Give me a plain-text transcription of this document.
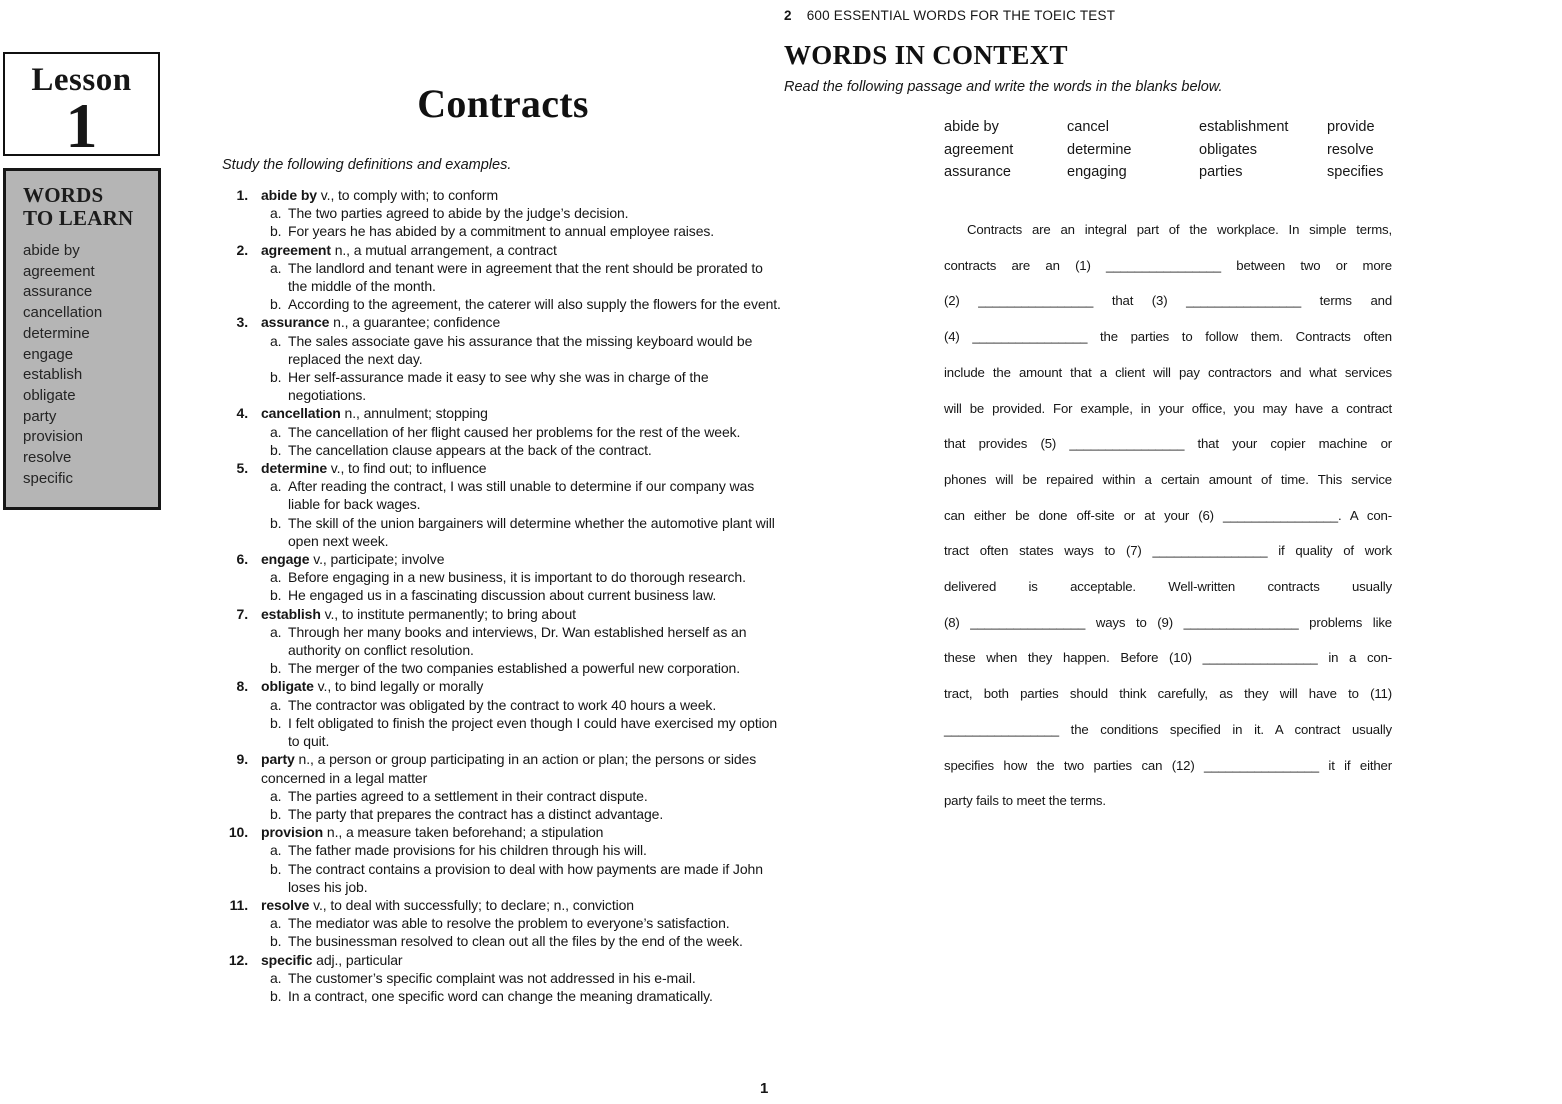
2 600 ESSENTIAL WORDS FOR THE TOEIC TEST
Lesson
1
WORDS
TO LEARN
abide by
agreement
assurance
cancellation
determine
engage
establish
obligate
party
provision
resolve
specific
Contracts

Study the following definitions and examples.

1. abide by v., to comply with; to conform
a. The two parties agreed to abide by the judge’s decision.
b. For years he has abided by a commitment to annual employee raises.
2. agreement n., a mutual arrangement, a contract
a. The landlord and tenant were in agreement that the rent should be prorated to the middle of the month.
b. According to the agreement, the caterer will also supply the flowers for the event.
3. assurance n., a guarantee; confidence
a. The sales associate gave his assurance that the missing keyboard would be replaced the next day.
b. Her self-assurance made it easy to see why she was in charge of the negotiations.
4. cancellation n., annulment; stopping
a. The cancellation of her flight caused her problems for the rest of the week.
b. The cancellation clause appears at the back of the contract.
5. determine v., to find out; to influence
a. After reading the contract, I was still unable to determine if our company was liable for back wages.
b. The skill of the union bargainers will determine whether the automotive plant will open next week.
6. engage v., participate; involve
a. Before engaging in a new business, it is important to do thorough research.
b. He engaged us in a fascinating discussion about current business law.
7. establish v., to institute permanently; to bring about
a. Through her many books and interviews, Dr. Wan established herself as an authority on conflict resolution.
b. The merger of the two companies established a powerful new corporation.
8. obligate v., to bind legally or morally
a. The contractor was obligated by the contract to work 40 hours a week.
b. I felt obligated to finish the project even though I could have exercised my option to quit.
9. party n., a person or group participating in an action or plan; the persons or sides concerned in a legal matter
a. The parties agreed to a settlement in their contract dispute.
b. The party that prepares the contract has a distinct advantage.
10. provision n., a measure taken beforehand; a stipulation
a. The father made provisions for his children through his will.
b. The contract contains a provision to deal with how payments are made if John loses his job.
11. resolve v., to deal with successfully; to declare; n., conviction
a. The mediator was able to resolve the problem to everyone’s satisfaction.
b. The businessman resolved to clean out all the files by the end of the week.
12. specific adj., particular
a. The customer’s specific complaint was not addressed in his e-mail.
b. In a contract, one specific word can change the meaning dramatically.
1
WORDS IN CONTEXT

Read the following passage and write the words in the blanks below.

abide by	cancel	establishment	provide
agreement	determine	obligates	resolve
assurance	engaging	parties	specifies
Contracts are an integral part of the workplace. In simple terms,
contracts are an (1) ________________ between two or more
(2) ________________ that (3) ________________ terms and
(4) ________________ the parties to follow them. Contracts often
include the amount that a client will pay contractors and what services
will be provided. For example, in your office, you may have a contract
that provides (5) ________________ that your copier machine or
phones will be repaired within a certain amount of time. This service
can either be done off-site or at your (6) ________________. A con-
tract often states ways to (7) ________________ if quality of work
delivered is acceptable. Well-written contracts usually
(8) ________________ ways to (9) ________________ problems like
these when they happen. Before (10) ________________ in a con-
tract, both parties should think carefully, as they will have to (11)
________________ the conditions specified in it. A contract usually
specifies how the two parties can (12) ________________ it if either
party fails to meet the terms.
